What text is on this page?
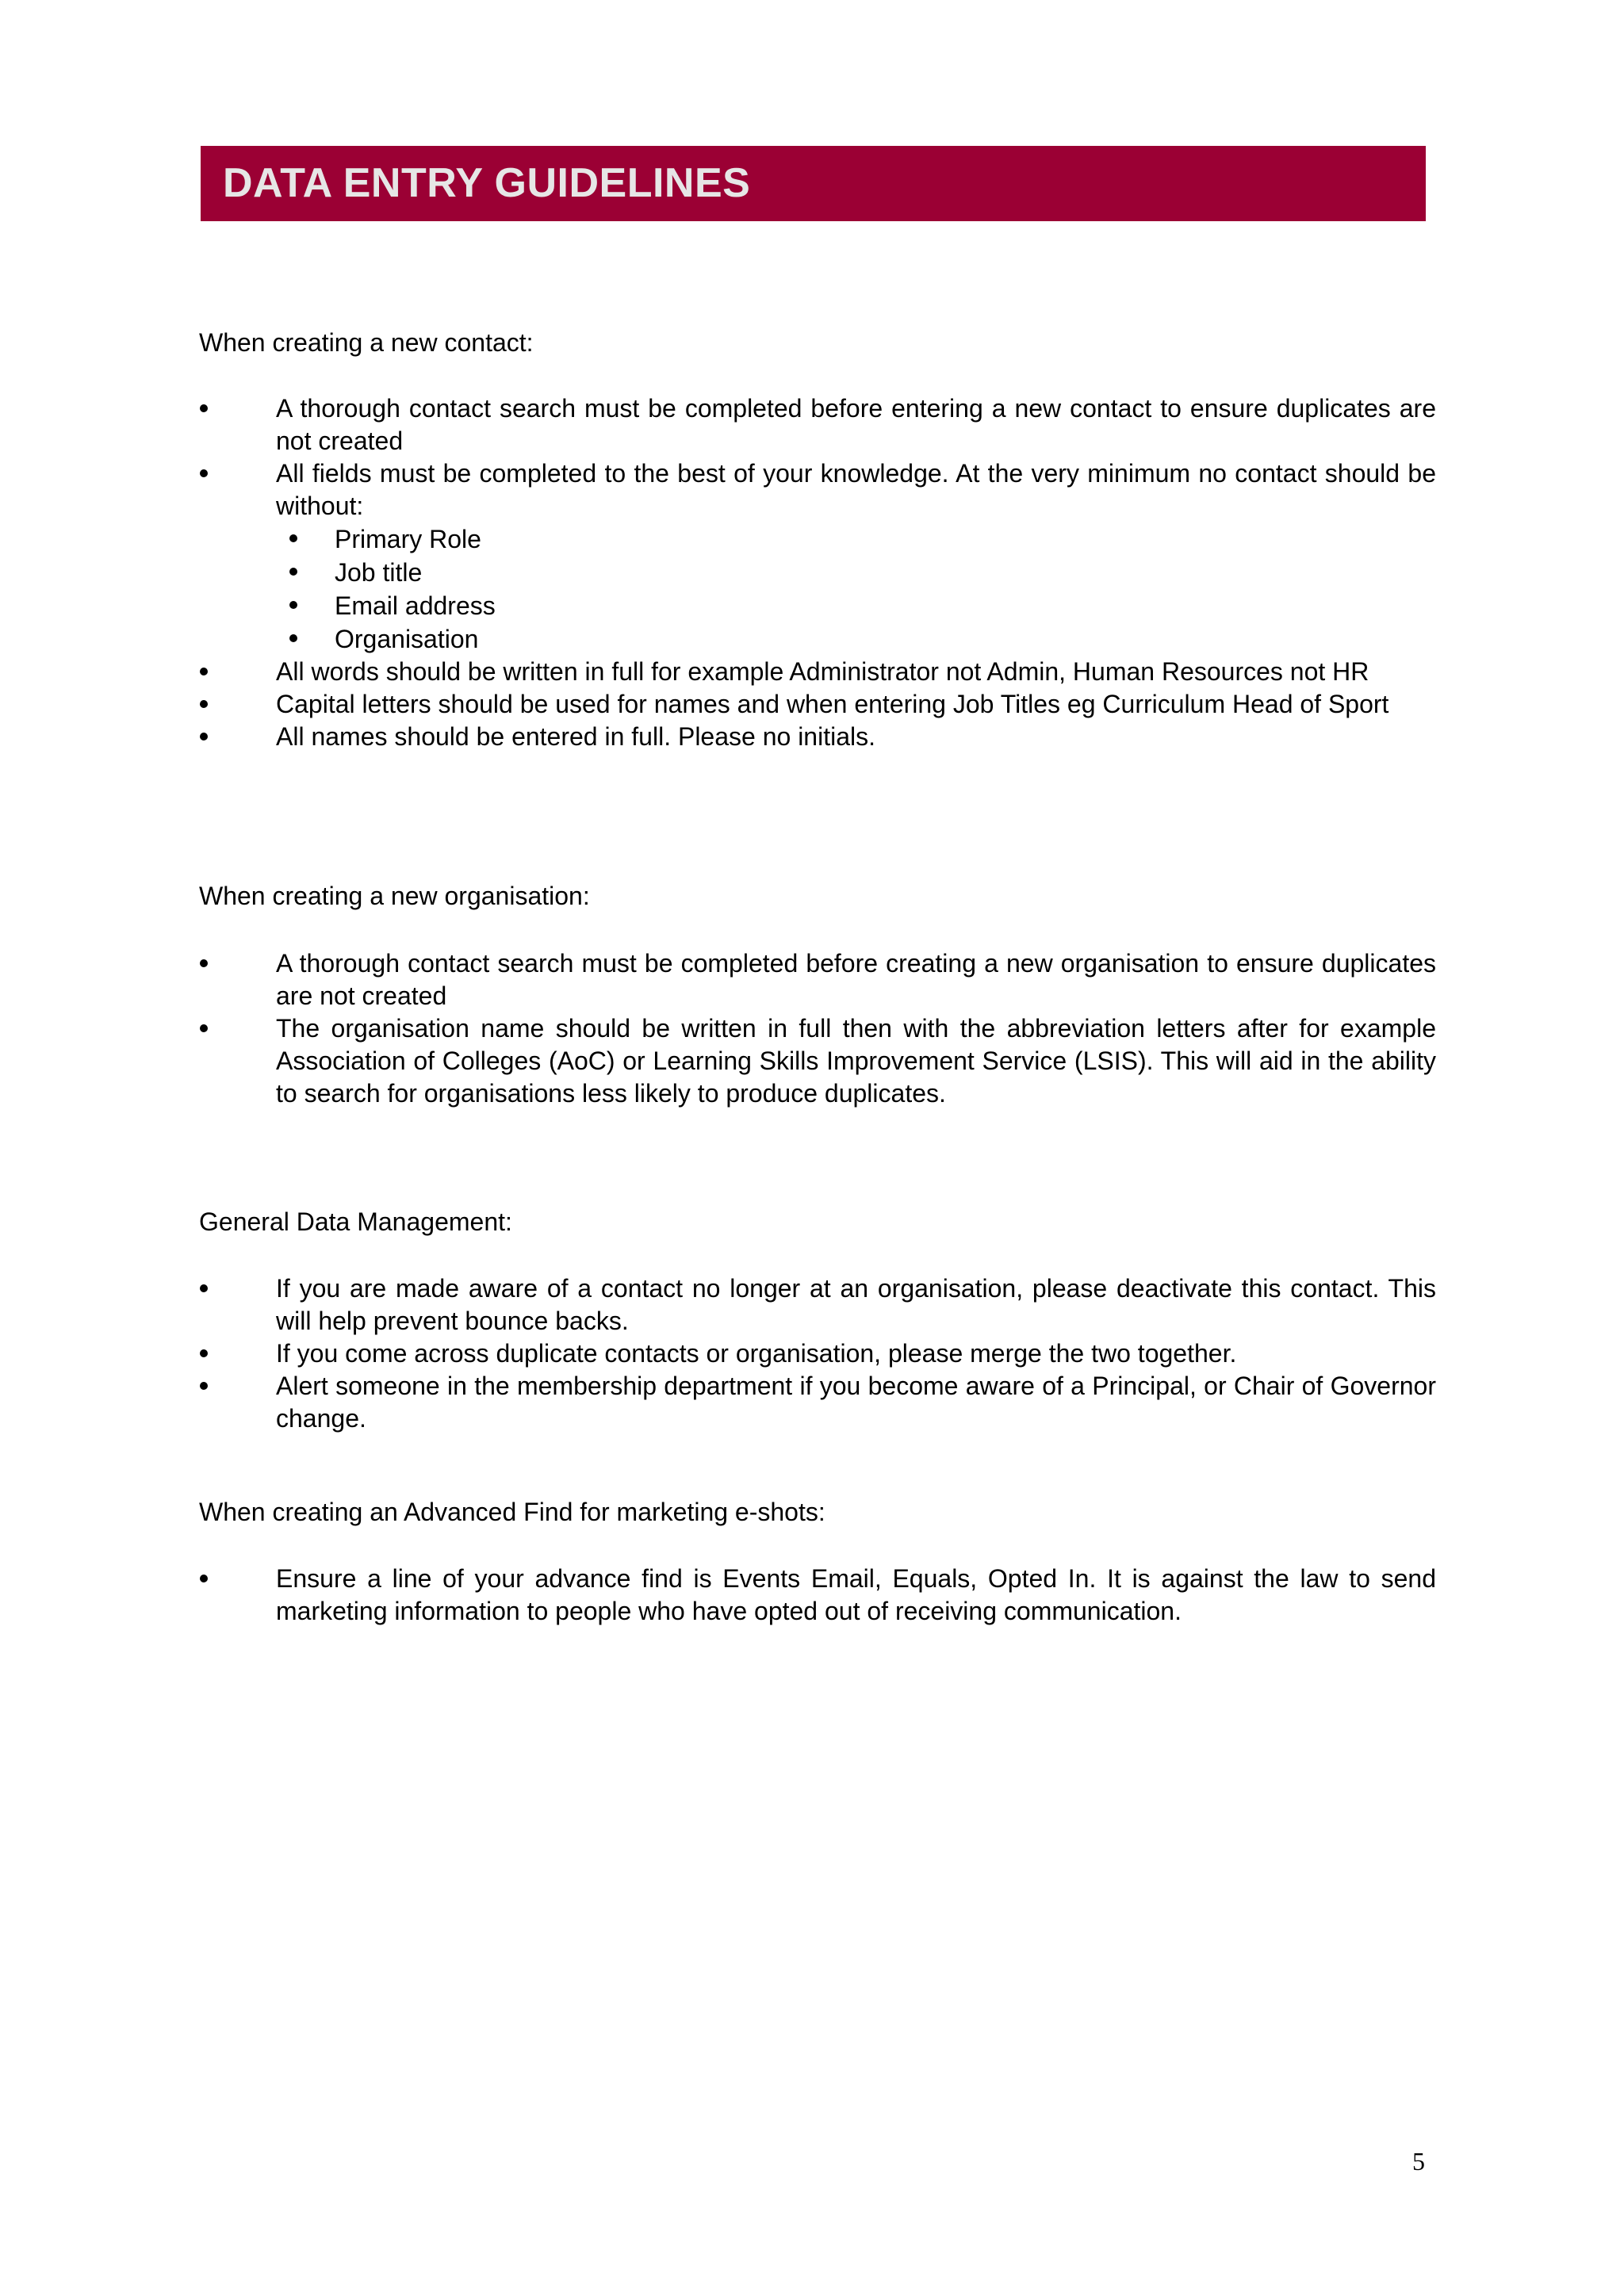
DATA ENTRY GUIDELINES
When creating a new contact:
A thorough contact search must be completed before entering a new contact to ensure duplicates are not created
All fields must be completed to the best of your knowledge. At the very minimum no contact should be without:
Primary Role
Job title
Email address
Organisation
All words should be written in full for example Administrator not Admin, Human Resources not HR
Capital letters should be used for names and when entering Job Titles eg Curriculum Head of Sport
All names should be entered in full. Please no initials.
When creating a new organisation:
A thorough contact search must be completed before creating a new organisation to ensure duplicates are not created
The organisation name should be written in full then with the abbreviation letters after for example Association of Colleges (AoC) or Learning Skills Improvement Service (LSIS). This will aid in the ability to search for organisations less likely to produce duplicates.
General Data Management:
If you are made aware of a contact no longer at an organisation, please deactivate this contact. This will help prevent bounce backs.
If you come across duplicate contacts or organisation, please merge the two together.
Alert someone in the membership department if you become aware of a Principal, or Chair of Governor change.
When creating an Advanced Find for marketing e-shots:
Ensure a line of your advance find is Events Email, Equals, Opted In. It is against the law to send marketing information to people who have opted out of receiving communication.
5
